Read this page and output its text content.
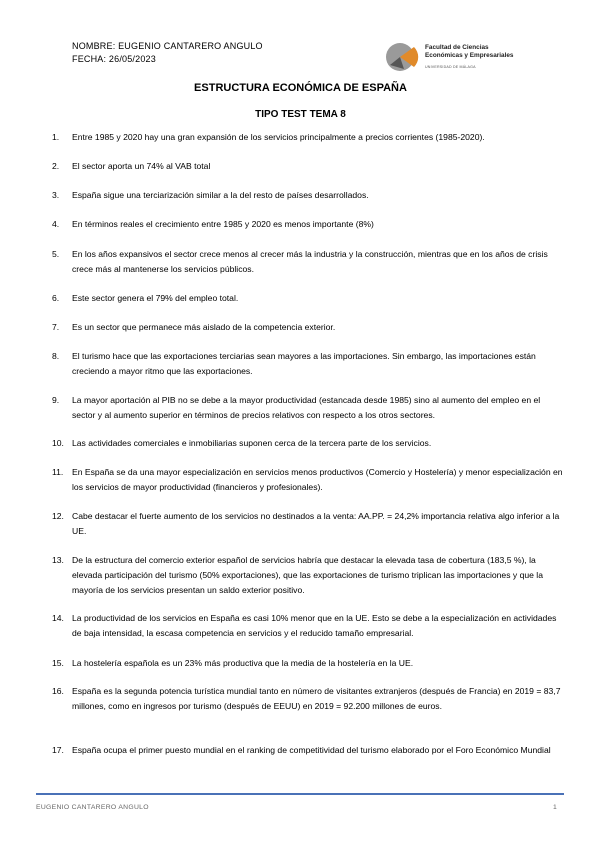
NOMBRE: EUGENIO CANTARERO ANGULO
FECHA: 26/05/2023
Facultad de Ciencias
Económicas y Empresariales
UNIVERSIDAD DE MÁLAGA
ESTRUCTURA ECONÓMICA DE ESPAÑA
TIPO TEST TEMA 8
1.	Entre 1985 y 2020 hay una gran expansión de los servicios principalmente a precios corrientes (1985-2020).
2.	El sector aporta un 74% al VAB total
3.	España sigue una terciarización similar a la del resto de países desarrollados.
4.	En términos reales el crecimiento entre 1985 y 2020 es menos importante (8%)
5.	En los años expansivos el sector crece menos al crecer más la industria y la construcción, mientras que en los años de crisis crece más al mantenerse los servicios públicos.
6.	Este sector genera el 79% del empleo total.
7.	Es un sector que permanece más aislado de la competencia exterior.
8.	El turismo hace que las exportaciones terciarias sean mayores a las importaciones. Sin embargo, las importaciones están creciendo a mayor ritmo que las exportaciones.
9.	La mayor aportación al PIB no se debe a la mayor productividad (estancada desde 1985) sino al aumento del empleo en el sector y al aumento superior en términos de precios relativos con respecto a los otros sectores.
10. Las actividades comerciales e inmobiliarias suponen cerca de la tercera parte de los servicios.
11.	En España se da una mayor especialización en servicios menos productivos (Comercio y Hostelería) y menor especialización en los servicios de mayor productividad (financieros y profesionales).
12. Cabe destacar el fuerte aumento de los servicios no destinados a la venta: AA.PP. = 24,2% importancia relativa algo inferior a la UE.
13. De la estructura del comercio exterior español de servicios habría que destacar la elevada tasa de cobertura (183,5 %), la elevada participación del turismo (50% exportaciones), que las exportaciones de turismo triplican las importaciones y que la mayoría de los servicios presentan un saldo exterior positivo.
14. La productividad de los servicios en España es casi 10% menor que en la UE. Esto se debe a la especialización en actividades de baja intensidad, la escasa competencia en servicios y el reducido tamaño empresarial.
15. La hostelería española es un 23% más productiva que la media de la hostelería en la UE.
16. España es la segunda potencia turística mundial tanto en número de visitantes extranjeros (después de Francia) en 2019 = 83,7 millones, como en ingresos por turismo (después de EEUU) en 2019 = 92.200 millones de euros.
17. España ocupa el primer puesto mundial en el ranking de competitividad del turismo elaborado por el Foro Económico Mundial
EUGENIO CANTARERO ANGULO	1
